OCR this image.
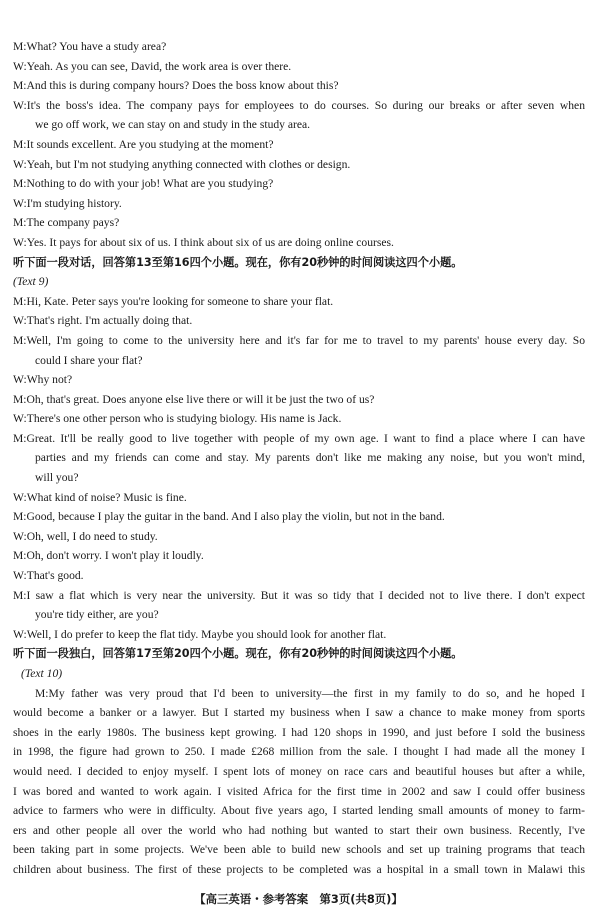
M:What? You have a study area?
W:Yeah. As you can see, David, the work area is over there.
M:And this is during company hours? Does the boss know about this?
W:It's the boss's idea. The company pays for employees to do courses. So during our breaks or after seven when
we go off work, we can stay on and study in the study area.
M:It sounds excellent. Are you studying at the moment?
W:Yeah, but I'm not studying anything connected with clothes or design.
M:Nothing to do with your job! What are you studying?
W:I'm studying history.
M:The company pays?
W:Yes. It pays for about six of us. I think about six of us are doing online courses.
听下面一段对话，回答第13至第16四个小题。现在，你有20秒钟的时间阅读这四个小题。
(Text 9)
M:Hi, Kate. Peter says you're looking for someone to share your flat.
W:That's right. I'm actually doing that.
M:Well, I'm going to come to the university here and it's far for me to travel to my parents' house every day. So
could I share your flat?
W:Why not?
M:Oh, that's great. Does anyone else live there or will it be just the two of us?
W:There's one other person who is studying biology. His name is Jack.
M:Great. It'll be really good to live together with people of my own age. I want to find a place where I can have
parties and my friends can come and stay. My parents don't like me making any noise, but you won't mind,
will you?
W:What kind of noise? Music is fine.
M:Good, because I play the guitar in the band. And I also play the violin, but not in the band.
W:Oh, well, I do need to study.
M:Oh, don't worry. I won't play it loudly.
W:That's good.
M:I saw a flat which is very near the university. But it was so tidy that I decided not to live there. I don't expect
you're tidy either, are you?
W:Well, I do prefer to keep the flat tidy. Maybe you should look for another flat.
听下面一段独白，回答第17至第20四个小题。现在，你有20秒钟的时间阅读这四个小题。
(Text 10)
M:My father was very proud that I'd been to university—the first in my family to do so, and he hoped I
would become a banker or a lawyer. But I started my business when I saw a chance to make money from sports
shoes in the early 1980s. The business kept growing. I had 120 shops in 1990, and just before I sold the business
in 1998, the figure had grown to 250. I made £268 million from the sale. I thought I had made all the money I
would need. I decided to enjoy myself. I spent lots of money on race cars and beautiful houses but after a while,
I was bored and wanted to work again. I visited Africa for the first time in 2002 and saw I could offer business
advice to farmers who were in difficulty. About five years ago, I started lending small amounts of money to farm-
ers and other people all over the world who had nothing but wanted to start their own business. Recently, I've
been taking part in some projects. We've been able to build new schools and set up training programs that teach
children about business. The first of these projects to be completed was a hospital in a small town in Malawi this
【高三英语・参考答案　第3页(共8页)】
